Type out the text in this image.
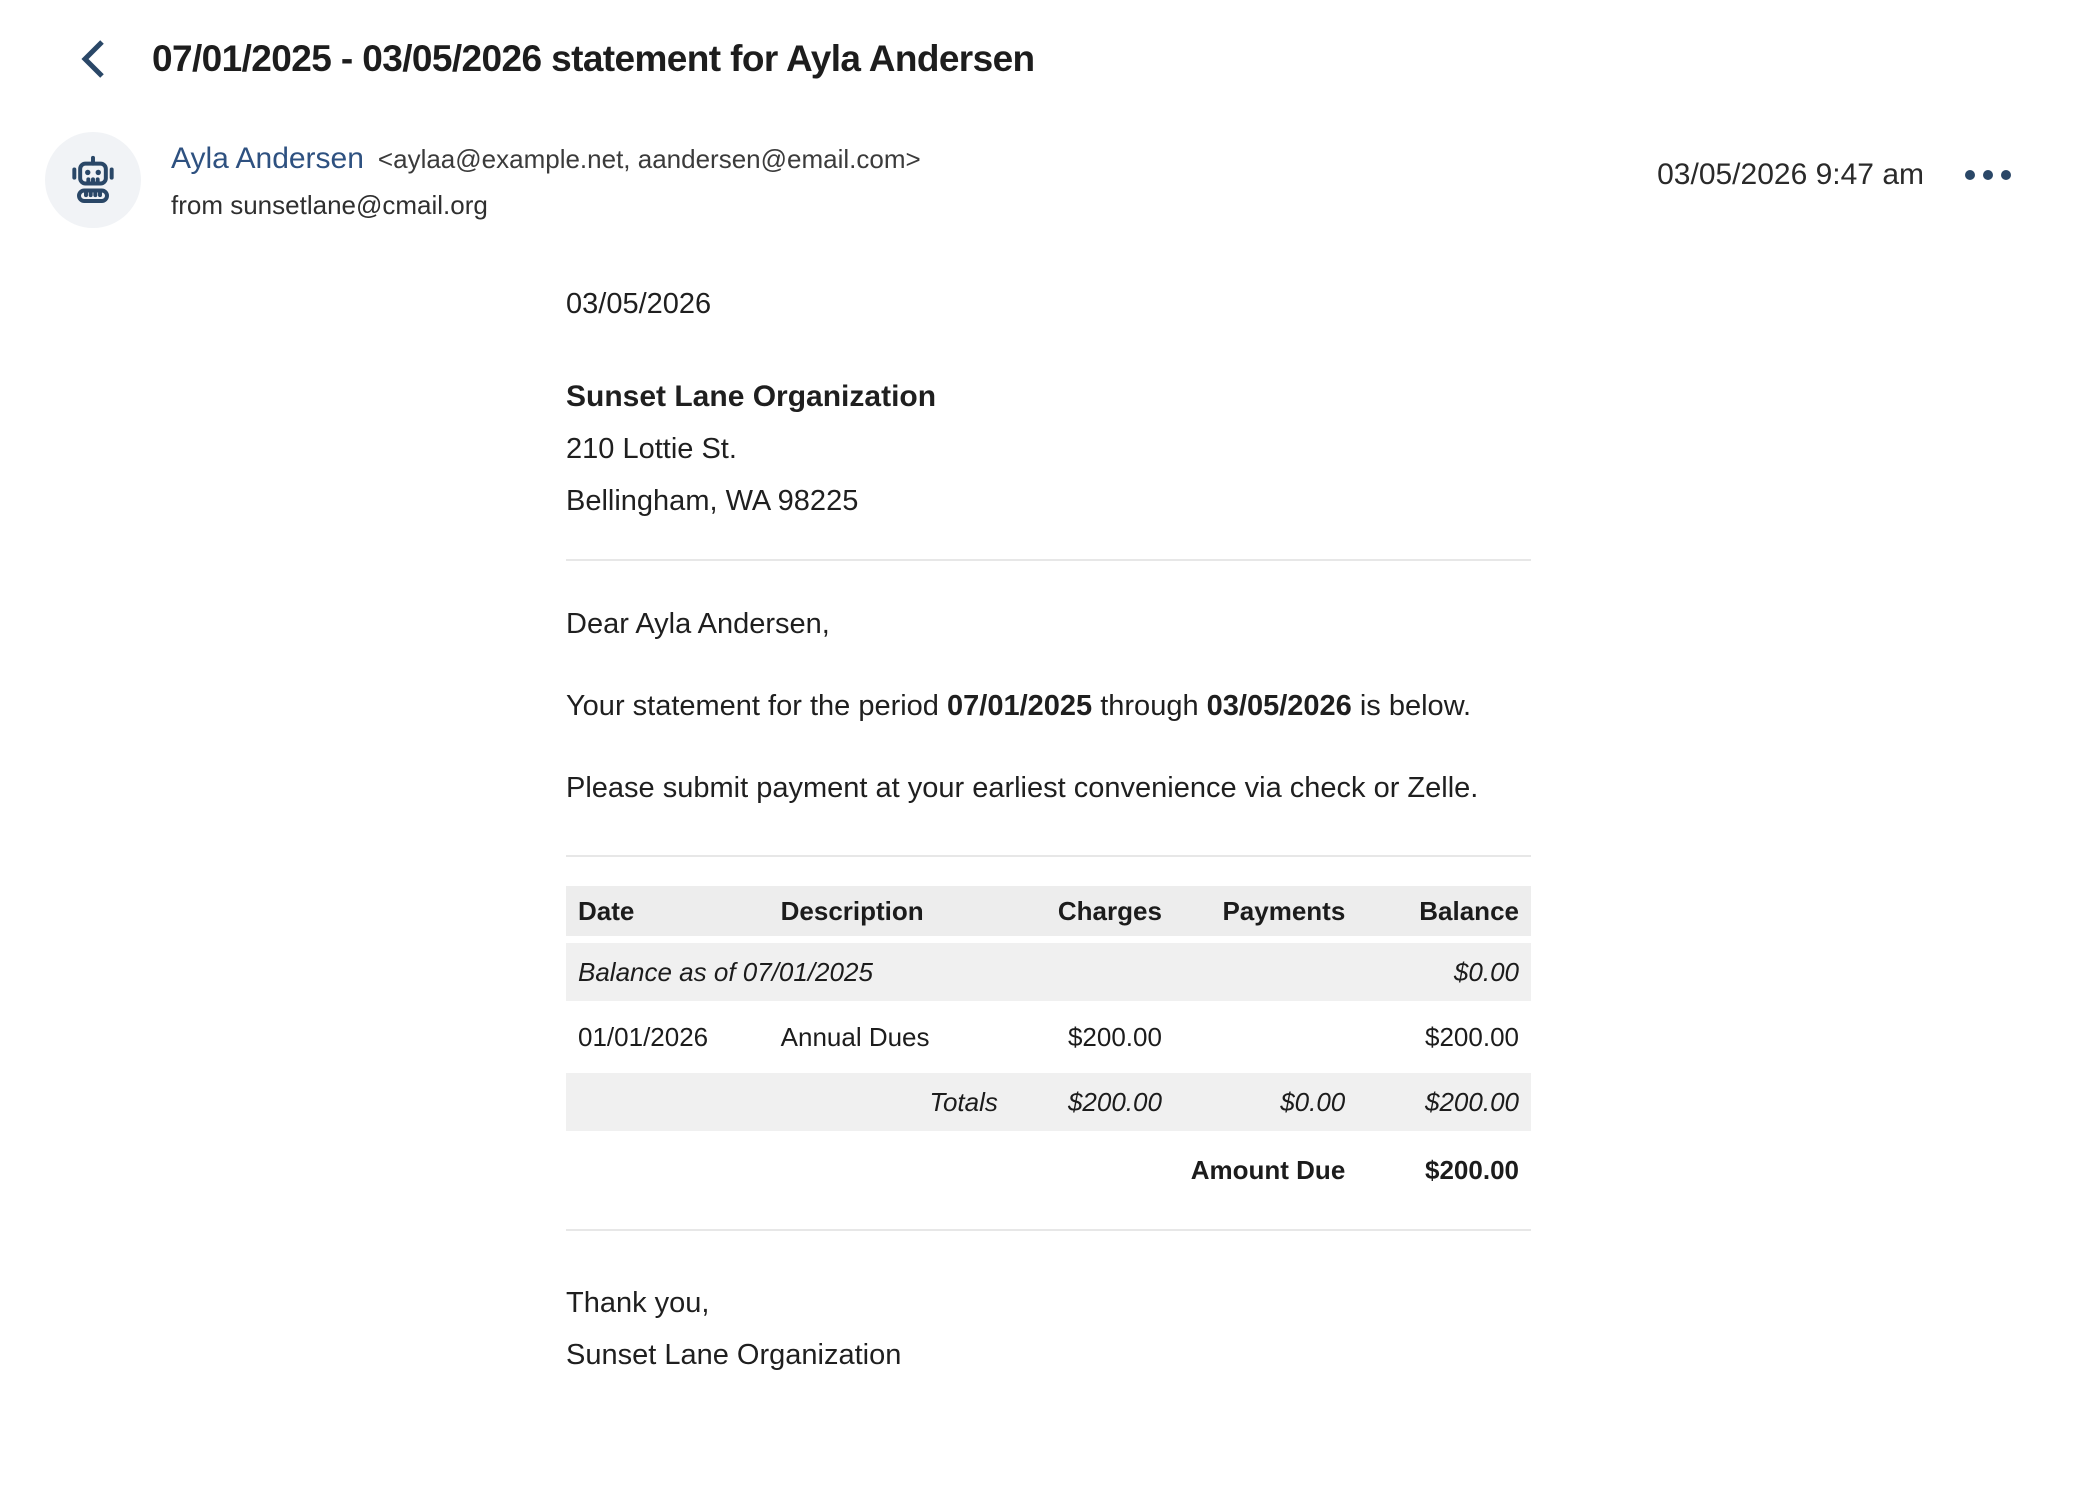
07/01/2025 - 03/05/2026 statement for Ayla Andersen
Ayla Andersen <aylaa@example.net, aandersen@email.com>
from sunsetlane@cmail.org
03/05/2026 9:47 am

03/05/2026

Sunset Lane Organization
210 Lottie St.
Bellingham, WA 98225

Dear Ayla Andersen,

Your statement for the period 07/01/2025 through 03/05/2026 is below.

Please submit payment at your earliest convenience via check or Zelle.

Date	Description	Charges	Payments	Balance
Balance as of 07/01/2025				$0.00
01/01/2026	Annual Dues	$200.00		$200.00
	Totals	$200.00	$0.00	$200.00
			Amount Due	$200.00
Thank you,
Sunset Lane Organization
